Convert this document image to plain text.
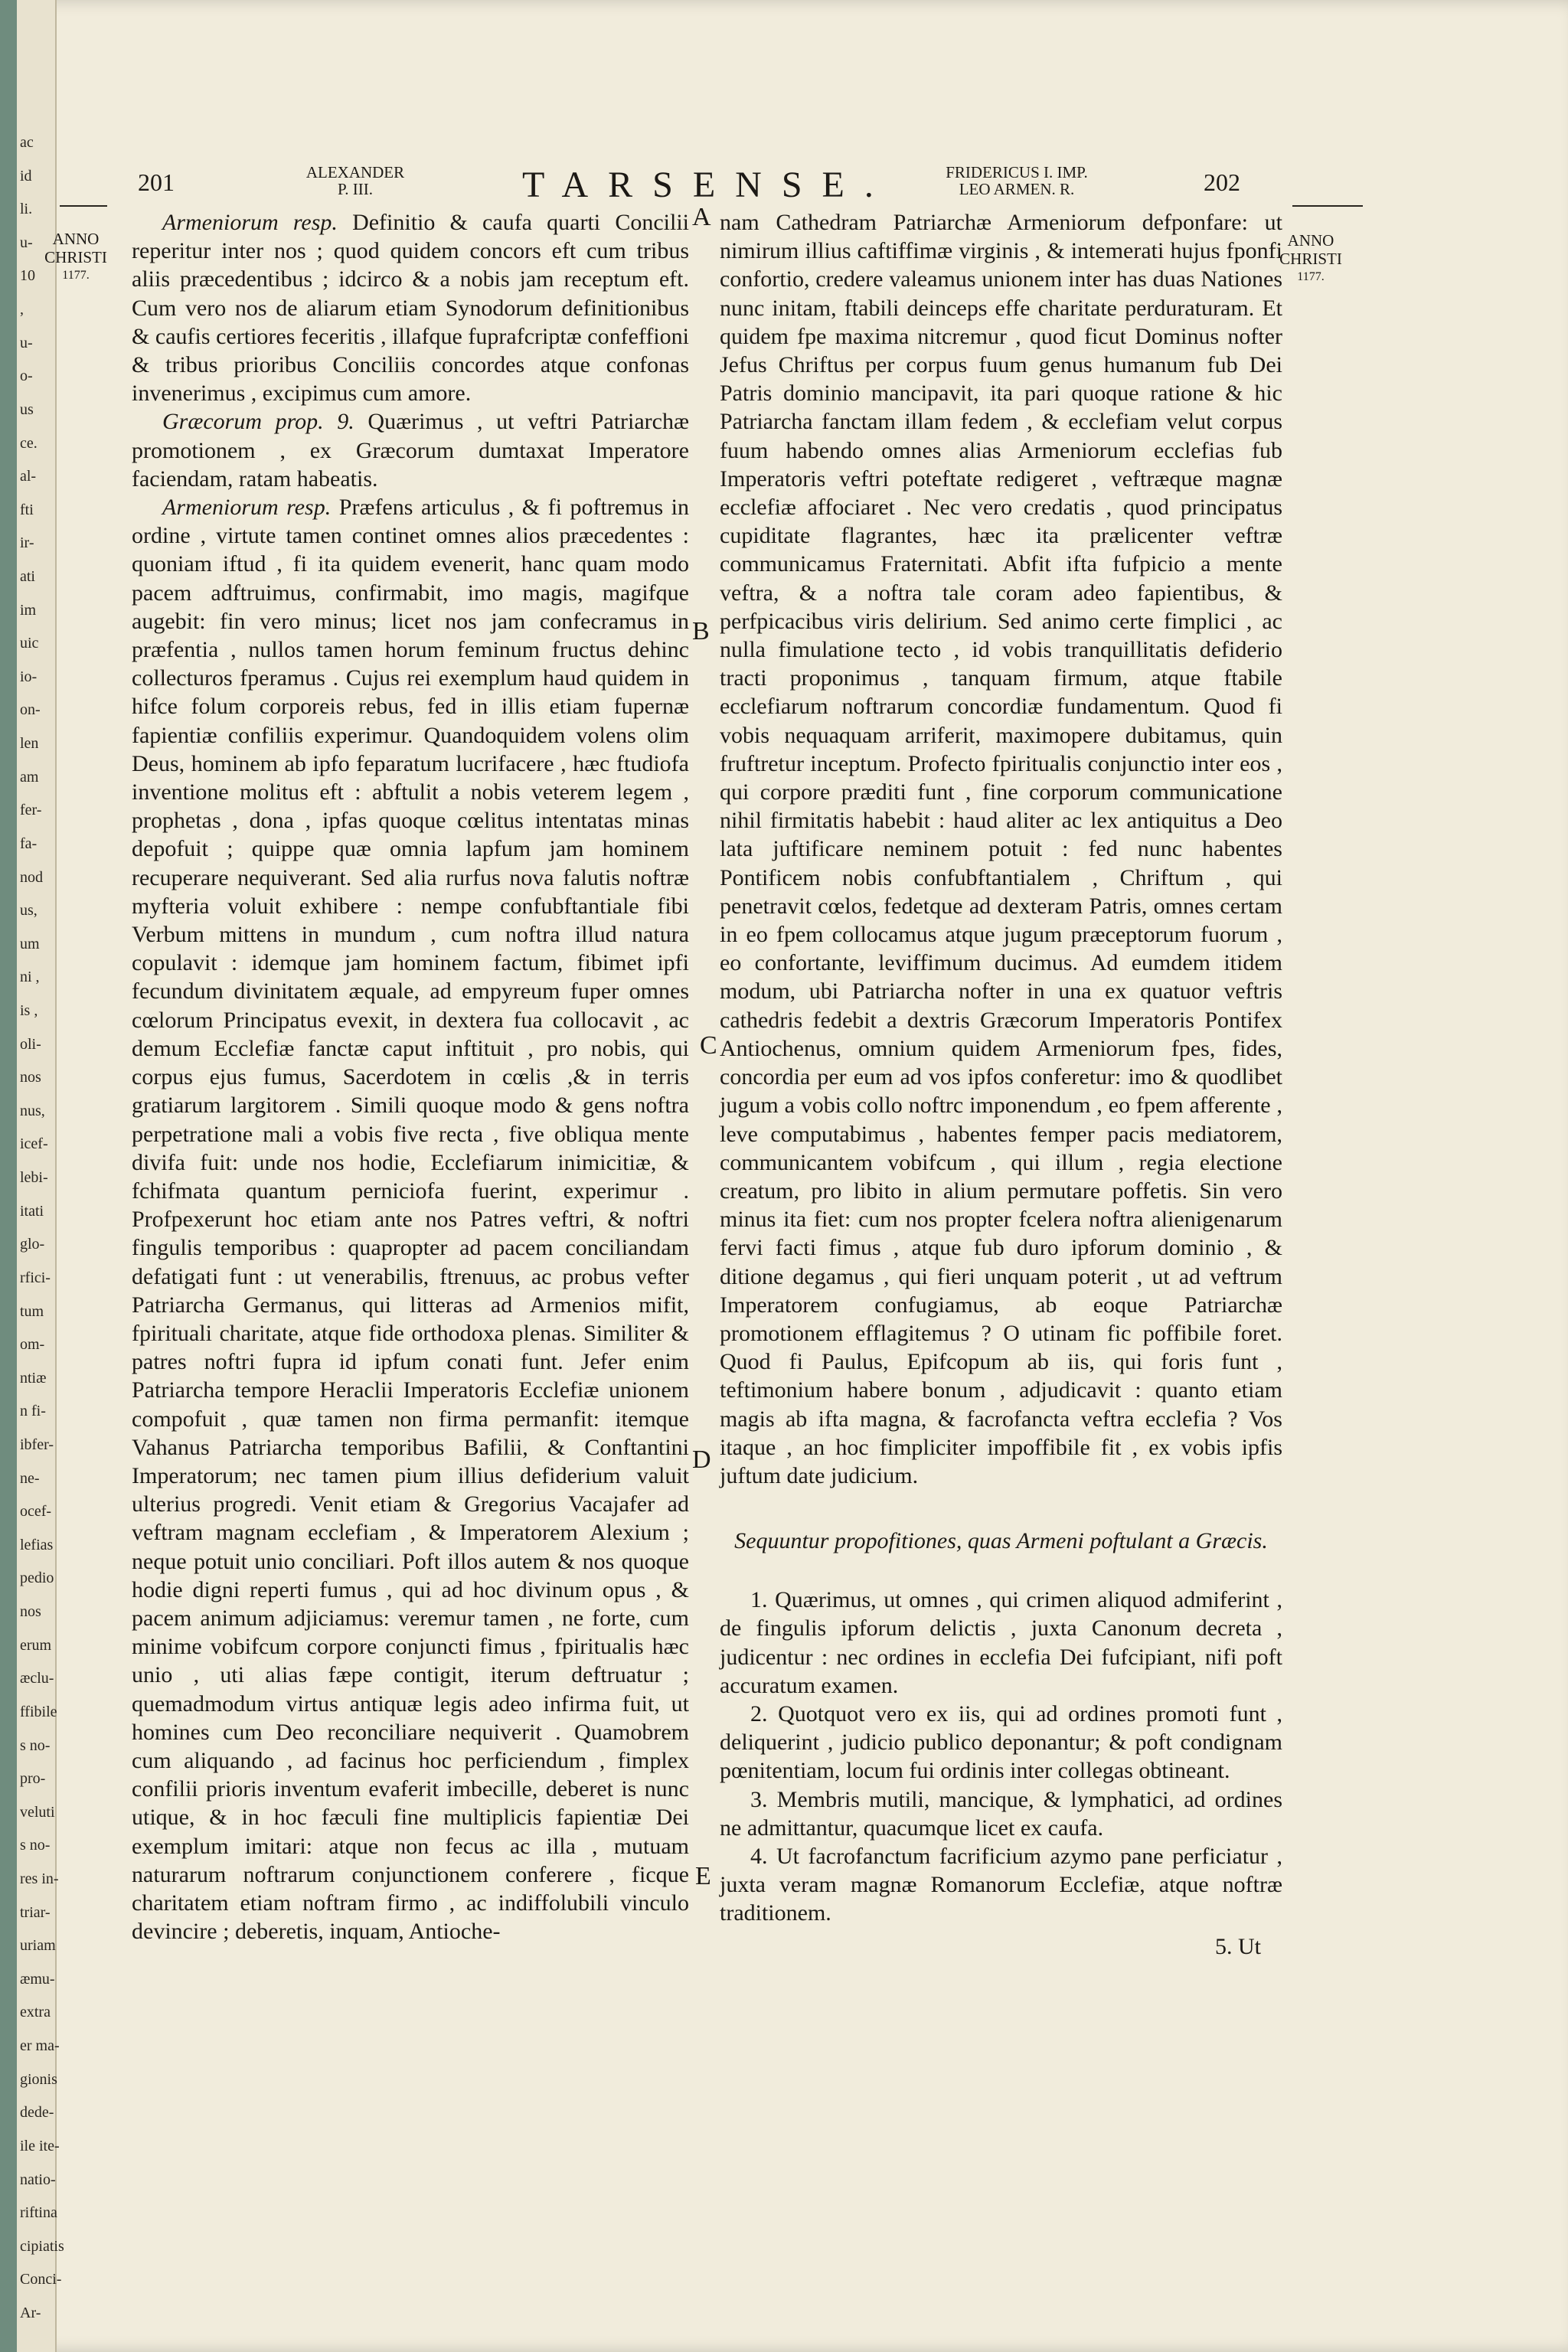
ac
id
li.
u-
10
,
u-
o-
us
ce.
al-
fti
ir-
ati
im
uic
io-
on-
len
am
fer-
fa-
nod
us,
um
ni ,
is ,
oli-
nos
nus,
icef-
lebi-
itati
glo-
rfici-
tum
om-
ntiæ
n fi-
ibfer-
ne-
ocef-
lefias
pedio
nos
erum
æclu-
ffibile
s no-
pro-
veluti
s no-
res in-
triar-
uriam
æmu-
extra
er ma-
gionis
dede-
ile ite-
natio-
riftina
cipiatis
Conci-
Ar-
201	ALEXANDER
P. III.	TARSENSE.	FRIDERICUS I. IMP.
LEO ARMEN. R.	202
ANNO
CHRISTI
1177.
ANNO
CHRISTI
1177.
A
B
C
D
E

Armeniorum resp. Definitio & caufa quarti Concilii reperitur inter nos ; quod quidem concors eft cum tribus aliis præcedentibus ; idcirco & a nobis jam receptum eft. Cum vero nos de aliarum etiam Synodorum definitionibus & caufis certiores feceritis , illafque fuprafcriptæ confeffioni & tribus prioribus Conciliis concordes atque confonas invenerimus , excipimus cum amore.

Græcorum prop. 9. Quærimus , ut veftri Patriarchæ promotionem , ex Græcorum dumtaxat Imperatore faciendam, ratam habeatis.

Armeniorum resp. Præfens articulus , & fi poftremus in ordine , virtute tamen continet omnes alios præcedentes : quoniam iftud , fi ita quidem evenerit, hanc quam modo pacem adftruimus, confirmabit, imo magis, magifque augebit: fin vero minus; licet nos jam confecramus in præfentia , nullos tamen horum feminum fructus dehinc collecturos fperamus . Cujus rei exemplum haud quidem in hifce folum corporeis rebus, fed in illis etiam fupernæ fapientiæ confiliis experimur. Quandoquidem volens olim Deus, hominem ab ipfo feparatum lucrifacere , hæc ftudiofa inventione molitus eft : abftulit a nobis veterem legem , prophetas , dona , ipfas quoque cœlitus intentatas minas depofuit ; quippe quæ omnia lapfum jam hominem recuperare nequiverant. Sed alia rurfus nova falutis noftræ myfteria voluit exhibere : nempe confubftantiale fibi Verbum mittens in mundum , cum noftra illud natura copulavit : idemque jam hominem factum, fibimet ipfi fecundum divinitatem æquale, ad empyreum fuper omnes cœlorum Principatus evexit, in dextera fua collocavit , ac demum Ecclefiæ fanctæ caput inftituit , pro nobis, qui corpus ejus fumus, Sacerdotem in cœlis ,& in terris gratiarum largitorem . Simili quoque modo & gens noftra perpetratione mali a vobis five recta , five obliqua mente divifa fuit: unde nos hodie, Ecclefiarum inimicitiæ, & fchifmata quantum perniciofa fuerint, experimur . Profpexerunt hoc etiam ante nos Patres veftri, & noftri fingulis temporibus : quapropter ad pacem conciliandam defatigati funt : ut venerabilis, ftrenuus, ac probus vefter Patriarcha Germanus, qui litteras ad Armenios mifit, fpirituali charitate, atque fide orthodoxa plenas. Similiter & patres noftri fupra id ipfum conati funt. Jefer enim Patriarcha tempore Heraclii Imperatoris Ecclefiæ unionem compofuit , quæ tamen non firma permanfit: itemque Vahanus Patriarcha temporibus Bafilii, & Conftantini Imperatorum; nec tamen pium illius defiderium valuit ulterius progredi. Venit etiam & Gregorius Vacajafer ad veftram magnam ecclefiam , & Imperatorem Alexium ; neque potuit unio conciliari. Poft illos autem & nos quoque hodie digni reperti fumus , qui ad hoc divinum opus , & pacem animum adjiciamus: veremur tamen , ne forte, cum minime vobifcum corpore conjuncti fimus , fpiritualis hæc unio , uti alias fæpe contigit, iterum deftruatur ; quemadmodum virtus antiquæ legis adeo infirma fuit, ut homines cum Deo reconciliare nequiverit . Quamobrem cum aliquando , ad facinus hoc perficiendum , fimplex confilii prioris inventum evaferit imbecille, deberet is nunc utique, & in hoc fæculi fine multiplicis fapientiæ Dei exemplum imitari: atque non fecus ac illa , mutuam naturarum noftrarum conjunctionem conferere , ficque charitatem etiam noftram firmo , ac indiffolubili vinculo devincire ; deberetis, inquam, Antioche-

nam Cathedram Patriarchæ Armeniorum defponfare: ut nimirum illius caftiffimæ virginis , & intemerati hujus fponfi confortio, credere valeamus unionem inter has duas Nationes nunc initam, ftabili deinceps effe charitate perduraturam. Et quidem fpe maxima nitcremur , quod ficut Dominus nofter Jefus Chriftus per corpus fuum genus humanum fub Dei Patris dominio mancipavit, ita pari quoque ratione & hic Patriarcha fanctam illam fedem , & ecclefiam velut corpus fuum habendo omnes alias Armeniorum ecclefias fub Imperatoris veftri poteftate redigeret , veftræque magnæ ecclefiæ affociaret . Nec vero credatis , quod principatus cupiditate flagrantes, hæc ita prælicenter veftræ communicamus Fraternitati. Abfit ifta fufpicio a mente veftra, & a noftra tale coram adeo fapientibus, & perfpicacibus viris delirium. Sed animo certe fimplici , ac nulla fimulatione tecto , id vobis tranquillitatis defiderio tracti proponimus , tanquam firmum, atque ftabile ecclefiarum noftrarum concordiæ fundamentum. Quod fi vobis nequaquam arriferit, maximopere dubitamus, quin fruftretur inceptum. Profecto fpiritualis conjunctio inter eos , qui corpore præditi funt , fine corporum communicatione nihil firmitatis habebit : haud aliter ac lex antiquitus a Deo lata juftificare neminem potuit : fed nunc habentes Pontificem nobis confubftantialem , Chriftum , qui penetravit cœlos, fedetque ad dexteram Patris, omnes certam in eo fpem collocamus atque jugum præceptorum fuorum , eo confortante, leviffimum ducimus. Ad eumdem itidem modum, ubi Patriarcha nofter in una ex quatuor veftris cathedris fedebit a dextris Græcorum Imperatoris Pontifex Antiochenus, omnium quidem Armeniorum fpes, fides, concordia per eum ad vos ipfos conferetur: imo & quodlibet jugum a vobis collo noftrc imponendum , eo fpem afferente , leve computabimus , habentes femper pacis mediatorem, communicantem vobifcum , qui illum , regia electione creatum, pro libito in alium permutare poffetis. Sin vero minus ita fiet: cum nos propter fcelera noftra alienigenarum fervi facti fimus , atque fub duro ipforum dominio , & ditione degamus , qui fieri unquam poterit , ut ad veftrum Imperatorem confugiamus, ab eoque Patriarchæ promotionem efflagitemus ? O utinam fic poffibile foret. Quod fi Paulus, Epifcopum ab iis, qui foris funt , teftimonium habere bonum , adjudicavit : quanto etiam magis ab ifta magna, & facrofancta veftra ecclefia ? Vos itaque , an hoc fimpliciter impoffibile fit , ex vobis ipfis juftum date judicium.

Sequuntur propofitiones, quas Armeni poftulant a Græcis.

1. Quærimus, ut omnes , qui crimen aliquod admiferint , de fingulis ipforum delictis , juxta Canonum decreta , judicentur : nec ordines in ecclefia Dei fufcipiant, nifi poft accuratum examen.

2. Quotquot vero ex iis, qui ad ordines promoti funt , deliquerint , judicio publico deponantur; & poft condignam pœnitentiam, locum fui ordinis inter collegas obtineant.

3. Membris mutili, mancique, & lymphatici, ad ordines ne admittantur, quacumque licet ex caufa.

4. Ut facrofanctum facrificium azymo pane perficiatur , juxta veram magnæ Romanorum Ecclefiæ, atque noftræ traditionem.

5. Ut
